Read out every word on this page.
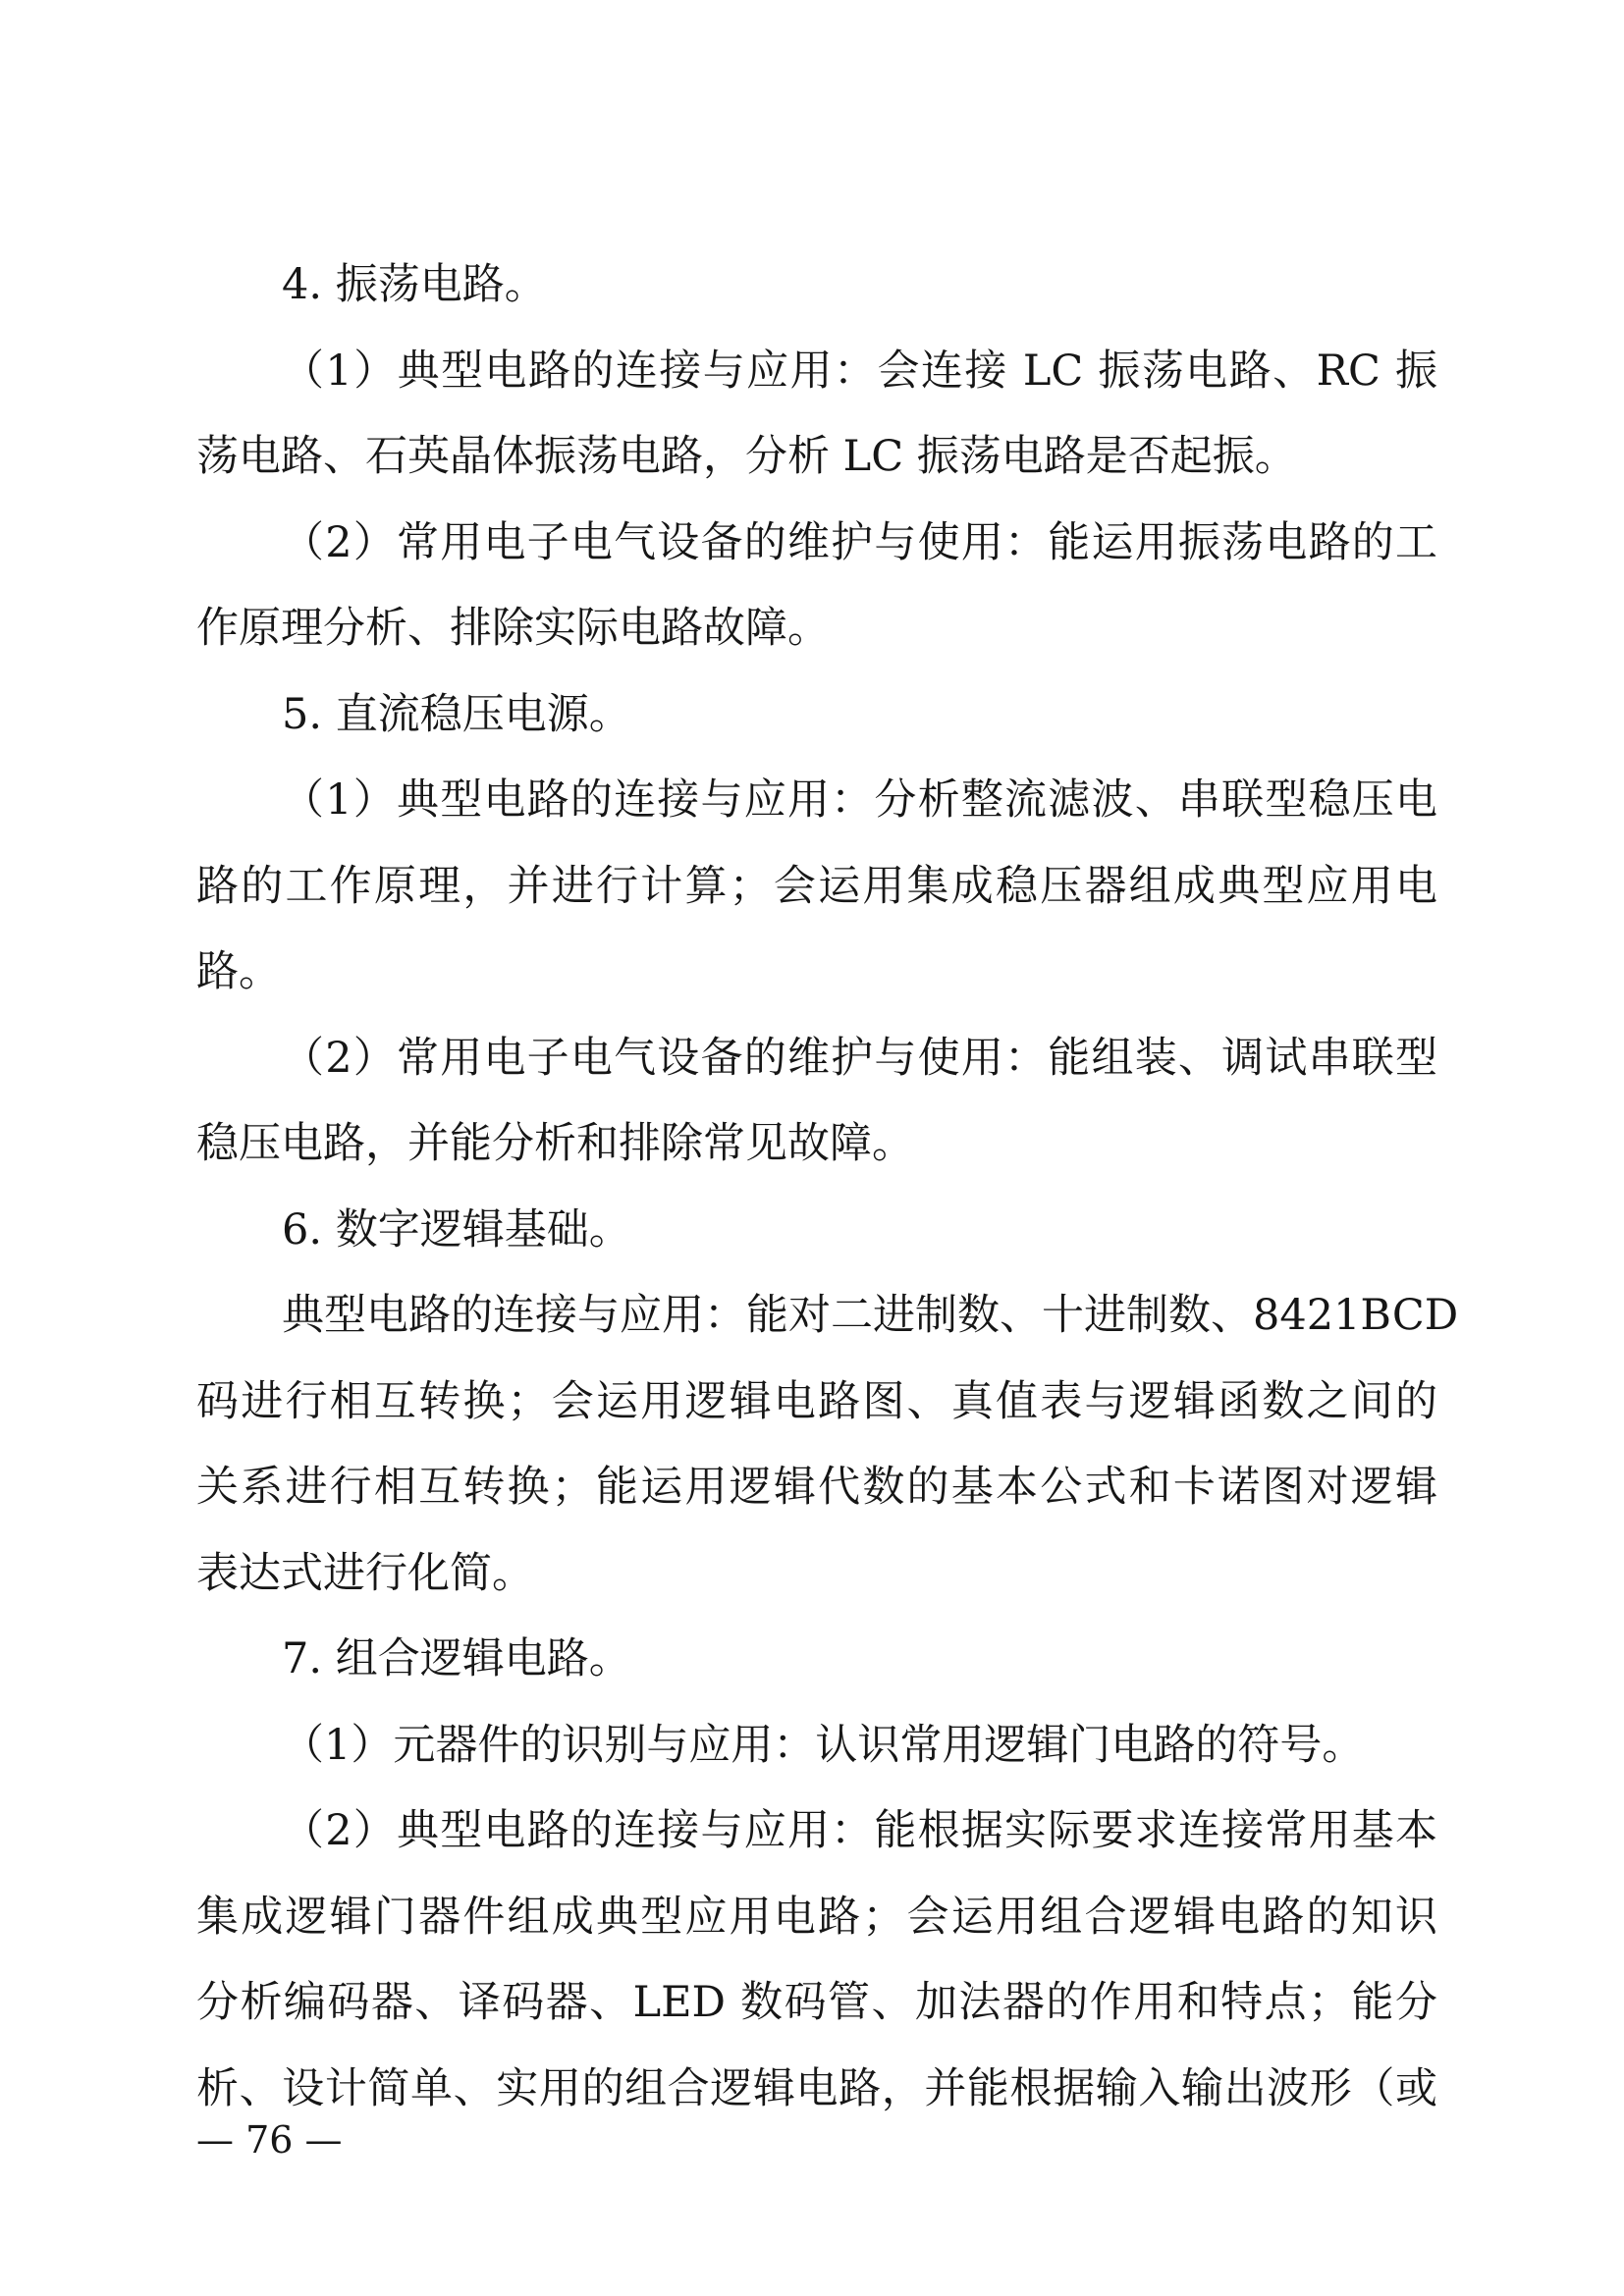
4. 振荡电路。

（1）典型电路的连接与应用：会连接 LC 振荡电路、RC 振

荡电路、石英晶体振荡电路，分析 LC 振荡电路是否起振。

（2）常用电子电气设备的维护与使用：能运用振荡电路的工

作原理分析、排除实际电路故障。

5. 直流稳压电源。

（1）典型电路的连接与应用：分析整流滤波、串联型稳压电

路的工作原理，并进行计算；会运用集成稳压器组成典型应用电

路。

（2）常用电子电气设备的维护与使用：能组装、调试串联型

稳压电路，并能分析和排除常见故障。

6. 数字逻辑基础。

典型电路的连接与应用：能对二进制数、十进制数、8421BCD

码进行相互转换；会运用逻辑电路图、真值表与逻辑函数之间的

关系进行相互转换；能运用逻辑代数的基本公式和卡诺图对逻辑

表达式进行化简。

7. 组合逻辑电路。

（1）元器件的识别与应用：认识常用逻辑门电路的符号。

（2）典型电路的连接与应用：能根据实际要求连接常用基本

集成逻辑门器件组成典型应用电路；会运用组合逻辑电路的知识

分析编码器、译码器、LED 数码管、加法器的作用和特点；能分

析、设计简单、实用的组合逻辑电路，并能根据输入输出波形（或

— 76 —
